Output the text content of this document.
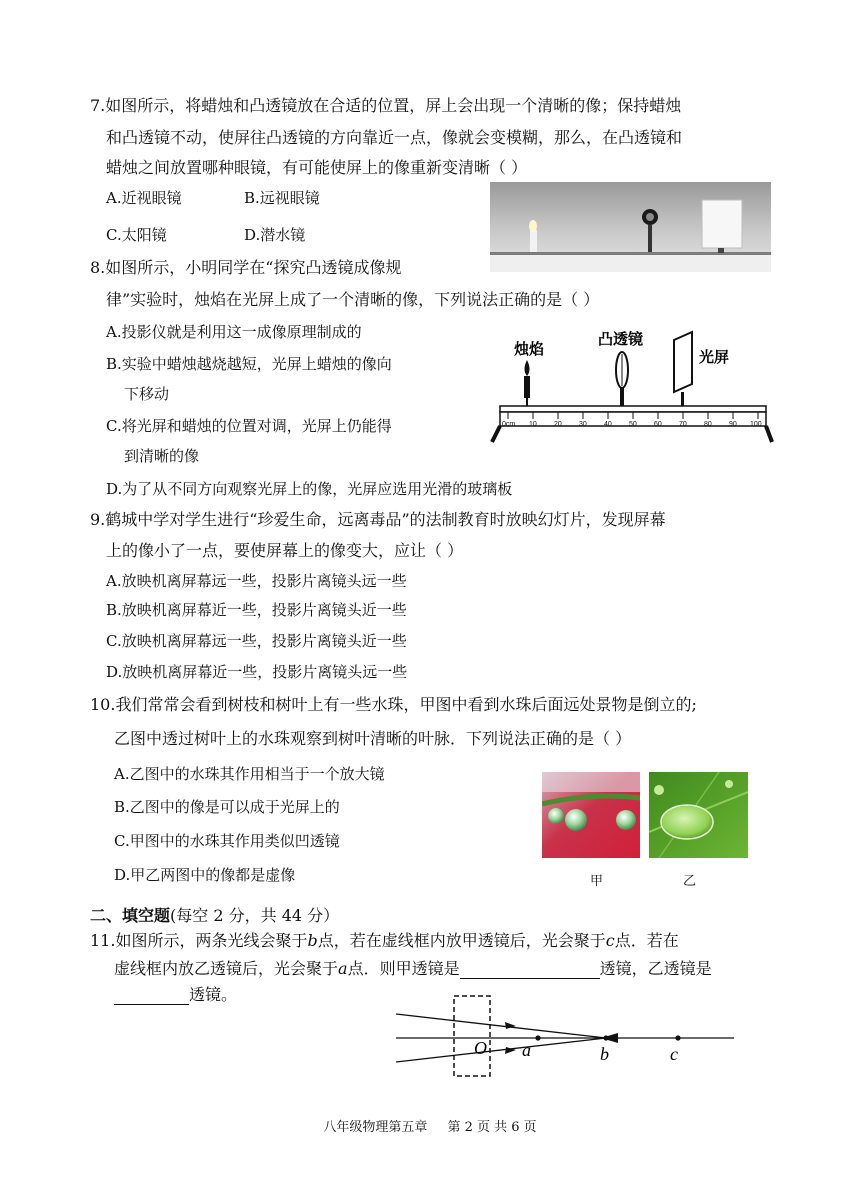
7.如图所示，将蜡烛和凸透镜放在合适的位置，屏上会出现一个清晰的像；保持蜡烛
和凸透镜不动，使屏往凸透镜的方向靠近一点，像就会变模糊，那么，在凸透镜和
蜡烛之间放置哪种眼镜，有可能使屏上的像重新变清晰（ ）
A.近视眼镜	B.远视眼镜
C.太阳镜	D.潜水镜
8.如图所示，小明同学在“探究凸透镜成像规
律”实验时，烛焰在光屏上成了一个清晰的像，下列说法正确的是（ ）
A.投影仪就是利用这一成像原理制成的
B.实验中蜡烛越烧越短，光屏上蜡烛的像向
下移动
C.将光屏和蜡烛的位置对调，光屏上仍能得
到清晰的像
D.为了从不同方向观察光屏上的像，光屏应选用光滑的玻璃板
烛焰
凸透镜
光屏
0cm 10 20 30 40 50 60 70 80 90 100
9.鹤城中学对学生进行“珍爱生命，远离毒品”的法制教育时放映幻灯片，发现屏幕
上的像小了一点，要使屏幕上的像变大，应让（ ）
A.放映机离屏幕远一些，投影片离镜头远一些
B.放映机离屏幕近一些，投影片离镜头近一些
C.放映机离屏幕远一些，投影片离镜头近一些
D.放映机离屏幕近一些，投影片离镜头远一些
10.我们常常会看到树枝和树叶上有一些水珠，甲图中看到水珠后面远处景物是倒立的;
乙图中透过树叶上的水珠观察到树叶清晰的叶脉．下列说法正确的是（ ）
A.乙图中的水珠其作用相当于一个放大镜
B.乙图中的像是可以成于光屏上的
C.甲图中的水珠其作用类似凹透镜
D.甲乙两图中的像都是虚像	甲	乙
二、填空题(每空 2 分，共 44 分）
11.如图所示，两条光线会聚于b点，若在虚线框内放甲透镜后，光会聚于c点．若在
虚线框内放乙透镜后，光会聚于a点．则甲透镜是	透镜，乙透镜是
透镜。
O a	b	c
八年级物理第五章 第 2 页 共 6 页
